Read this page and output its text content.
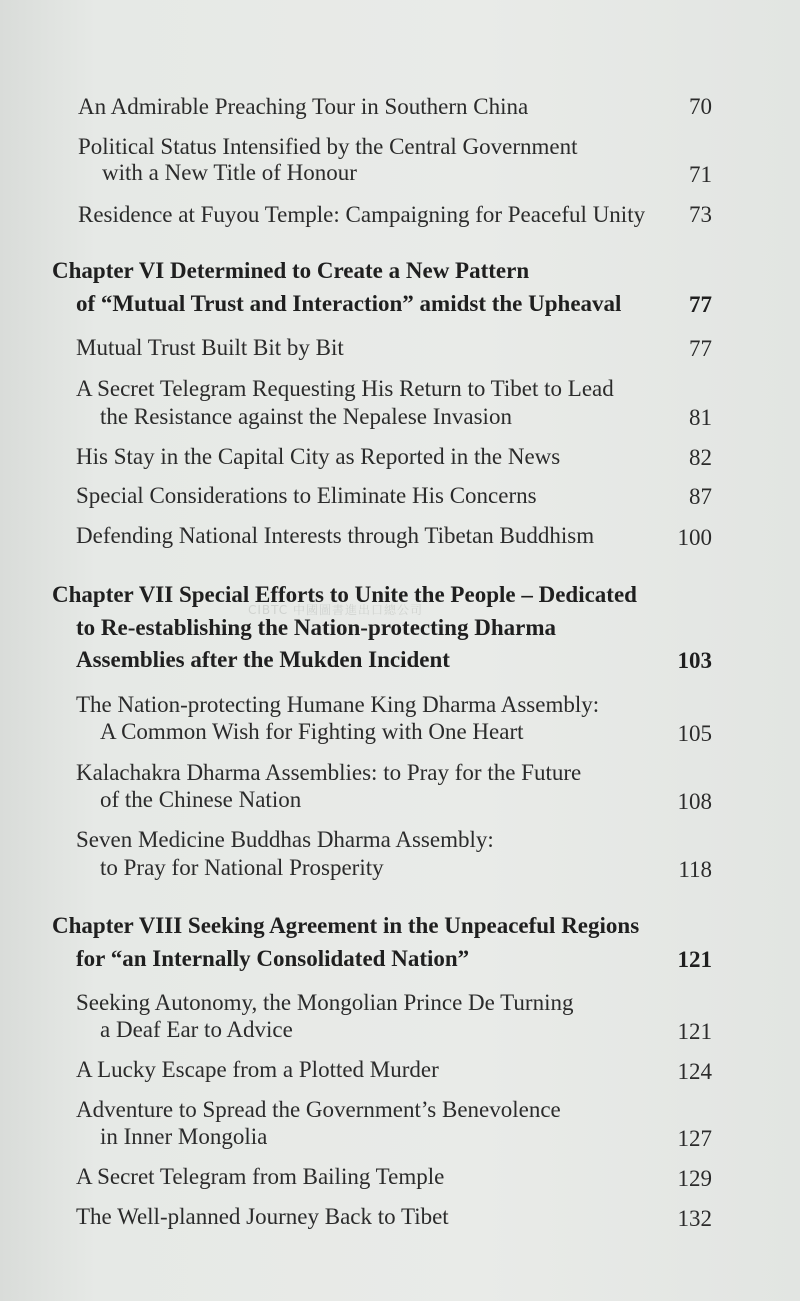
An Admirable Preaching Tour in Southern China	70
Political Status Intensified by the Central Government
with a New Title of Honour	71
Residence at Fuyou Temple: Campaigning for Peaceful Unity	73
Chapter VI Determined to Create a New Pattern
of “Mutual Trust and Interaction” amidst the Upheaval	77
Mutual Trust Built Bit by Bit	77
A Secret Telegram Requesting His Return to Tibet to Lead
the Resistance against the Nepalese Invasion	81
His Stay in the Capital City as Reported in the News	82
Special Considerations to Eliminate His Concerns	87
Defending National Interests through Tibetan Buddhism	100
Chapter VII Special Efforts to Unite the People – Dedicated
to Re-establishing the Nation-protecting Dharma
Assemblies after the Mukden Incident	103
CIBTC 中國圖書進出口總公司
The Nation-protecting Humane King Dharma Assembly:
A Common Wish for Fighting with One Heart	105
Kalachakra Dharma Assemblies: to Pray for the Future
of the Chinese Nation	108
Seven Medicine Buddhas Dharma Assembly:
to Pray for National Prosperity	118
Chapter VIII Seeking Agreement in the Unpeaceful Regions
for “an Internally Consolidated Nation”	121
Seeking Autonomy, the Mongolian Prince De Turning
a Deaf Ear to Advice	121
A Lucky Escape from a Plotted Murder	124
Adventure to Spread the Government’s Benevolence
in Inner Mongolia	127
A Secret Telegram from Bailing Temple	129
The Well-planned Journey Back to Tibet	132
